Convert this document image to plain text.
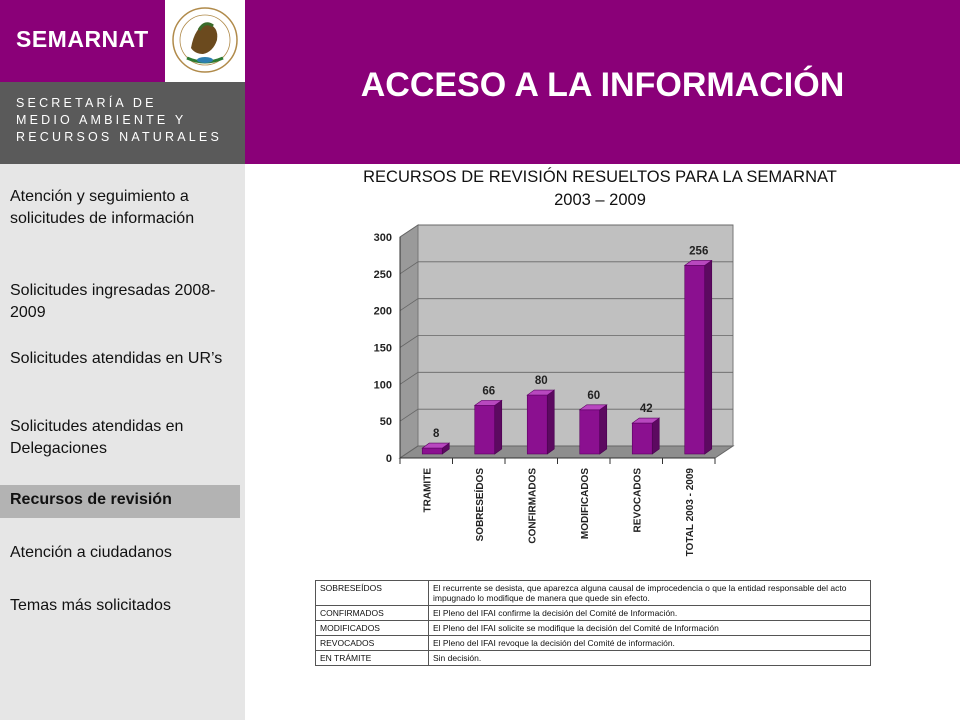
SEMARNAT
SECRETARÍA DE
MEDIO AMBIENTE Y
RECURSOS NATURALES
ACCESO A LA INFORMACIÓN
Atención y seguimiento a solicitudes de información
Solicitudes ingresadas 2008-2009
Solicitudes atendidas en UR’s
Solicitudes atendidas en Delegaciones
Atención a ciudadanos
Temas más solicitados
Recursos de revisión
RECURSOS DE REVISIÓN RESUELTOS PARA LA SEMARNAT
2003 – 2009
0
50
100
150
200
250
300
8
TRAMITE
66
SOBRESEÍDOS
80
CONFIRMADOS
60
MODIFICADOS
42
REVOCADOS
256
TOTAL 2003 - 2009
SOBRESEÍDOS	El recurrente se desista, que aparezca alguna causal de improcedencia o que la entidad responsable del acto impugnado lo modifique de manera que quede sin efecto.
CONFIRMADOS	El Pleno del IFAI confirme la decisión del Comité de Información.
MODIFICADOS	El Pleno del IFAI solicite se modifique la decisión del Comité de Información
REVOCADOS	El Pleno del IFAI revoque la decisión del Comité de información.
EN TRÁMITE	Sin decisión.
